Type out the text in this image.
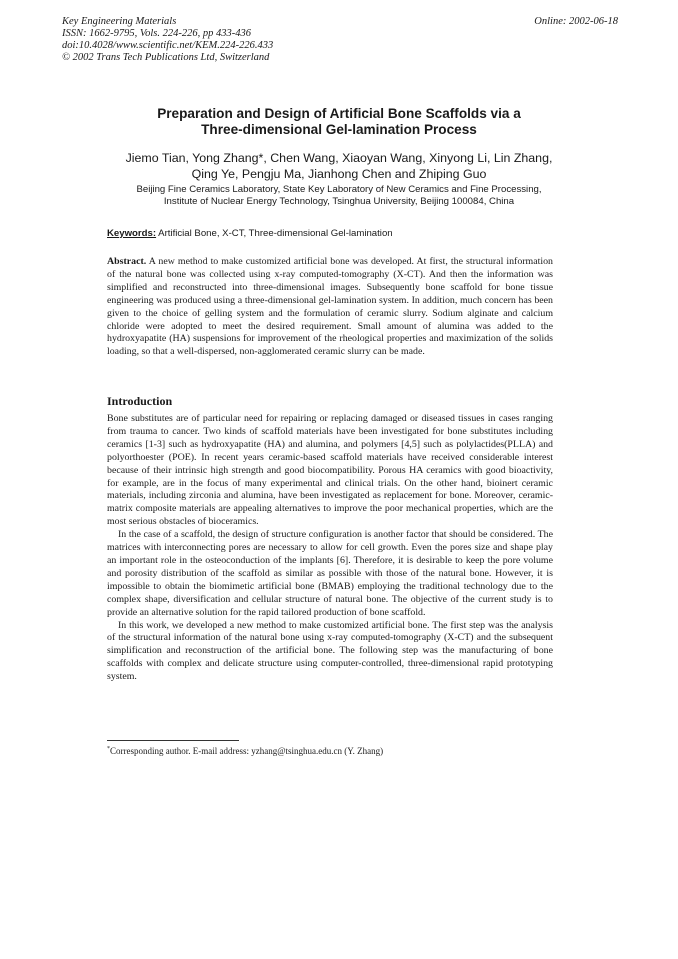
Key Engineering Materials
ISSN: 1662-9795, Vols. 224-226, pp 433-436
doi:10.4028/www.scientific.net/KEM.224-226.433
© 2002 Trans Tech Publications Ltd, Switzerland
Online: 2002-06-18
Preparation and Design of Artificial Bone Scaffolds via a
Three-dimensional Gel-lamination Process
Jiemo Tian, Yong Zhang*, Chen Wang, Xiaoyan Wang, Xinyong Li, Lin Zhang,
Qing Ye, Pengju Ma, Jianhong Chen and Zhiping Guo
Beijing Fine Ceramics Laboratory, State Key Laboratory of New Ceramics and Fine Processing,
Institute of Nuclear Energy Technology, Tsinghua University, Beijing 100084, China
Keywords: Artificial Bone, X-CT, Three-dimensional Gel-lamination
Abstract. A new method to make customized artificial bone was developed. At first, the structural information of the natural bone was collected using x-ray computed-tomography (X-CT). And then the information was simplified and reconstructed into three-dimensional images. Subsequently bone scaffold for bone tissue engineering was produced using a three-dimensional gel-lamination system. In addition, much concern has been given to the choice of gelling system and the formulation of ceramic slurry. Sodium alginate and calcium chloride were adopted to meet the desired requirement. Small amount of alumina was added to the hydroxyapatite (HA) suspensions for improvement of the rheological properties and maximization of the solids loading, so that a well-dispersed, non-agglomerated ceramic slurry can be made.
Introduction

Bone substitutes are of particular need for repairing or replacing damaged or diseased tissues in cases ranging from trauma to cancer. Two kinds of scaffold materials have been investigated for bone substitutes including ceramics [1-3] such as hydroxyapatite (HA) and alumina, and polymers [4,5] such as polylactides(PLLA) and polyorthoester (POE). In recent years ceramic-based scaffold materials have received considerable interest because of their intrinsic high strength and good biocompatibility. Porous HA ceramics with good bioactivity, for example, are in the focus of many experimental and clinical trials. On the other hand, bioinert ceramic materials, including zirconia and alumina, have been investigated as replacement for bone. Moreover, ceramic-matrix composite materials are appealing alternatives to improve the poor mechanical properties, which are the most serious obstacles of bioceramics.

In the case of a scaffold, the design of structure configuration is another factor that should be considered. The matrices with interconnecting pores are necessary to allow for cell growth. Even the pores size and shape play an important role in the osteoconduction of the implants [6]. Therefore, it is desirable to keep the pore volume and porosity distribution of the scaffold as similar as possible with those of the natural bone. However, it is impossible to obtain the biomimetic artificial bone (BMAB) employing the traditional technology due to the complex shape, diversification and cellular structure of natural bone. The objective of the current study is to provide an alternative solution for the rapid tailored production of bone scaffold.

In this work, we developed a new method to make customized artificial bone. The first step was the analysis of the structural information of the natural bone using x-ray computed-tomography (X-CT) and the subsequent simplification and reconstruction of the artificial bone. The following step was the manufacturing of bone scaffolds with complex and delicate structure using computer-controlled, three-dimensional rapid prototyping system.

*Corresponding author. E-mail address: yzhang@tsinghua.edu.cn (Y. Zhang)
